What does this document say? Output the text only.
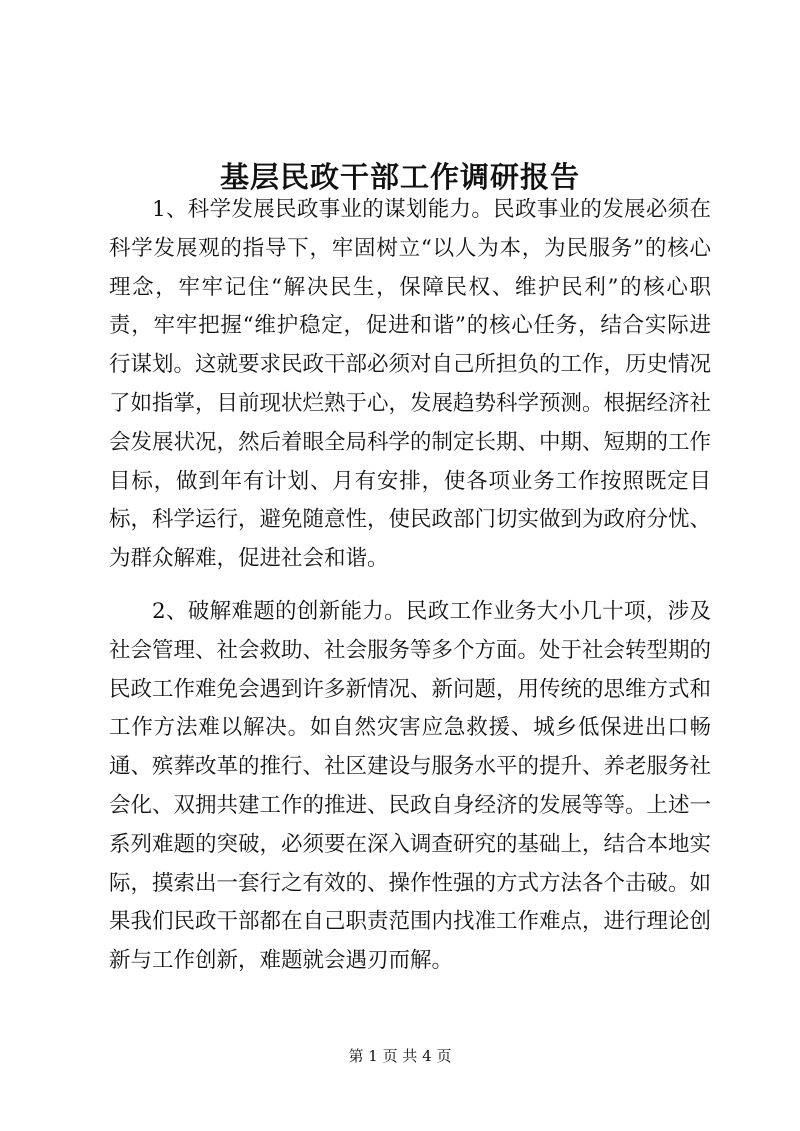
基层民政干部工作调研报告

1、科学发展民政事业的谋划能力。民政事业的发展必须在科学发展观的指导下，牢固树立“以人为本，为民服务”的核心理念，牢牢记住“解决民生，保障民权、维护民利”的核心职责，牢牢把握“维护稳定，促进和谐”的核心任务，结合实际进行谋划。这就要求民政干部必须对自己所担负的工作，历史情况了如指掌，目前现状烂熟于心，发展趋势科学预测。根据经济社会发展状况，然后着眼全局科学的制定长期、中期、短期的工作目标，做到年有计划、月有安排，使各项业务工作按照既定目标，科学运行，避免随意性，使民政部门切实做到为政府分忧、为群众解难，促进社会和谐。

2、破解难题的创新能力。民政工作业务大小几十项，涉及社会管理、社会救助、社会服务等多个方面。处于社会转型期的民政工作难免会遇到许多新情况、新问题，用传统的思维方式和工作方法难以解决。如自然灾害应急救援、城乡低保进出口畅通、殡葬改革的推行、社区建设与服务水平的提升、养老服务社会化、双拥共建工作的推进、民政自身经济的发展等等。上述一系列难题的突破，必须要在深入调查研究的基础上，结合本地实际，摸索出一套行之有效的、操作性强的方式方法各个击破。如果我们民政干部都在自己职责范围内找准工作难点，进行理论创新与工作创新，难题就会遇刃而解。

第 1 页 共 4 页
